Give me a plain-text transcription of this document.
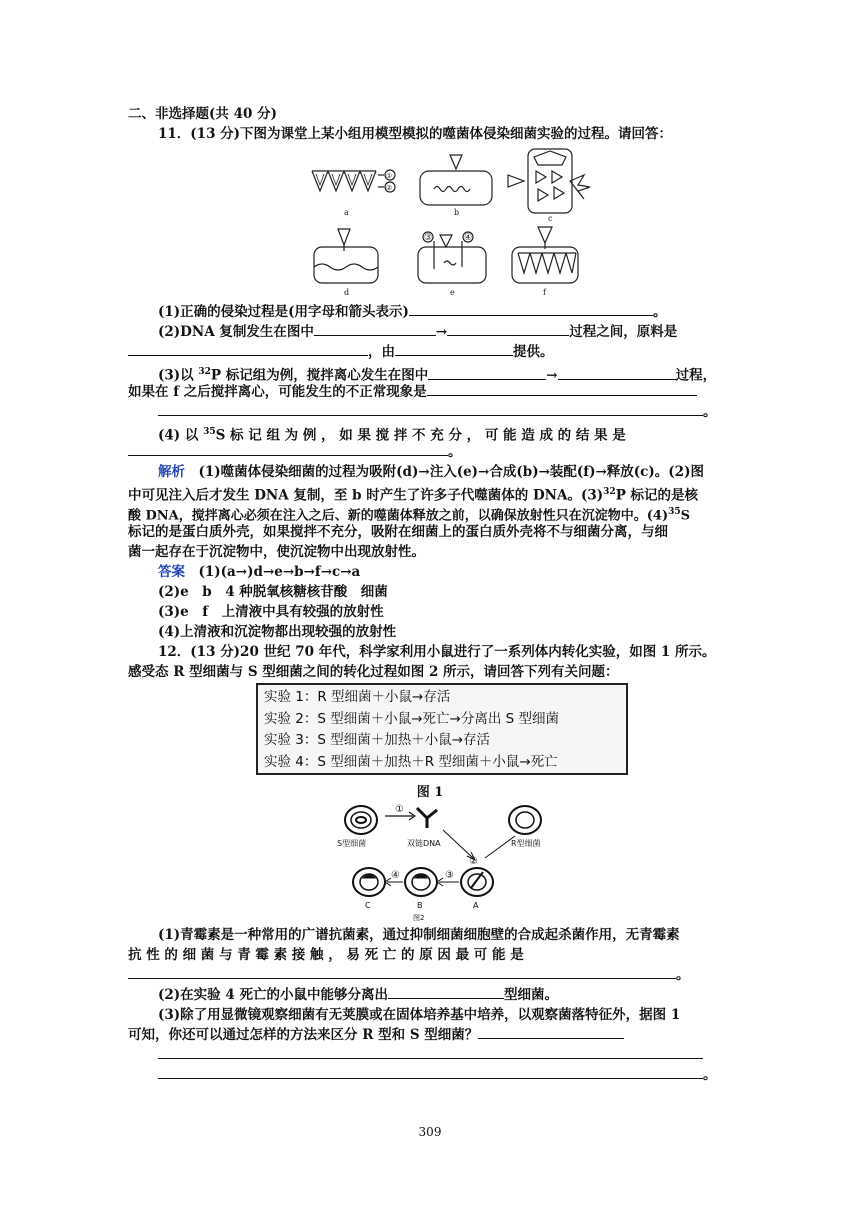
二、非选择题(共 40 分)
11．(13 分)下图为课堂上某小组用模型模拟的噬菌体侵染细菌实验的过程。请回答：
①
②
a	b
c
d
③	④
e	f
(1)正确的侵染过程是(用字母和箭头表示)	。
(2)DNA 复制发生在图中	→	过程之间，原料是
，由	提供。
(3)以 $^{32}$P 标记组为例，搅拌离心发生在图中	→	过程，
如果在 f 之后搅拌离心，可能发生的不正常现象是
。
(4) 以 $^{35}$S 标 记 组 为 例 ， 如 果 搅 拌 不 充 分 ， 可 能 造 成 的 结 果 是
。
解析　 (1)噬菌体侵染细菌的过程为吸附(d)→注入(e)→合成(b)→装配(f)→释放(c)。(2)图
中可见注入后才发生 DNA 复制，至 b 时产生了许多子代噬菌体的 DNA。$(3)^{32}P$ 标记的是核
酸 DNA，搅拌离心必须在注入之后、新的噬菌体释放之前，以确保放射性只在沉淀物中。$(4)^{35}S$
标记的是蛋白质外壳，如果搅拌不充分，吸附在细菌上的蛋白质外壳将不与细菌分离，与细
菌一起存在于沉淀物中，使沉淀物中出现放射性。
答案　 (1)(a→)d→e→b→f→c→a
(2)e　b　4 种脱氧核糖核苷酸　细菌
(3)e　f　上清液中具有较强的放射性
(4)上清液和沉淀物都出现较强的放射性
12．(13 分)20 世纪 70 年代，科学家利用小鼠进行了一系列体内转化实验，如图 1 所示。
感受态 R 型细菌与 S 型细菌之间的转化过程如图 2 所示，请回答下列有关问题：
实验 1：R 型细菌＋小鼠→存活
实验 2：S 型细菌＋小鼠→死亡→分离出 S 型细菌
实验 3：S 型细菌＋加热＋小鼠→存活
实验 4：S 型细菌＋加热＋R 型细菌＋小鼠→死亡
图 1
S型细菌	双链DNA	R型细菌
①
②
③
④
A
B
C
图2
(1)青霉素是一种常用的广谱抗菌素，通过抑制细菌细胞壁的合成起杀菌作用，无青霉素
抗 性 的 细 菌 与 青 霉 素 接 触 ， 易 死 亡 的 原 因 最 可 能 是
。
(2)在实验 4 死亡的小鼠中能够分离出	型细菌。
(3)除了用显微镜观察细菌有无荚膜或在固体培养基中培养，以观察菌落特征外，据图 1
可知，你还可以通过怎样的方法来区分 R 型和 S 型细菌？
。
309
